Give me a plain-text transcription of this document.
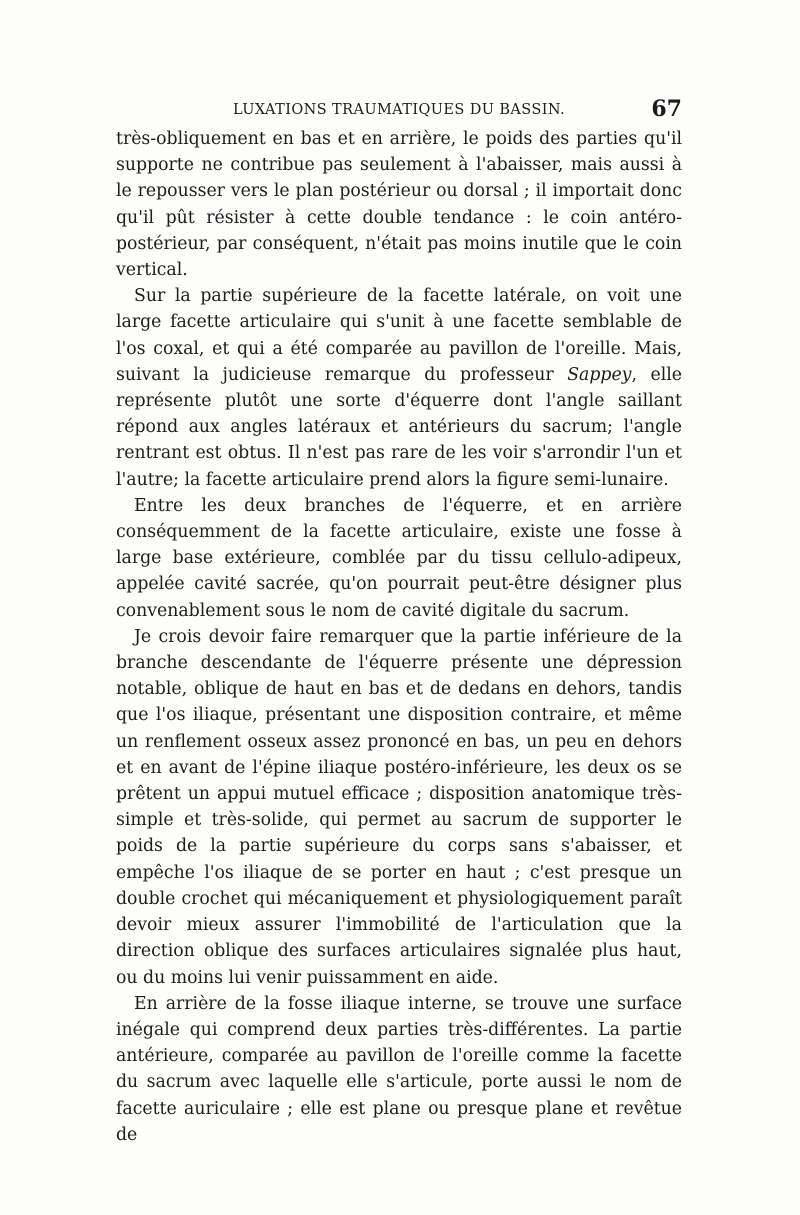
LUXATIONS TRAUMATIQUES DU BASSIN.	67

très-obliquement en bas et en arrière, le poids des parties qu'il supporte ne contribue pas seulement à l'abaisser, mais aussi à le repousser vers le plan postérieur ou dorsal ; il importait donc qu'il pût résister à cette double tendance : le coin antéro-postérieur, par conséquent, n'était pas moins inutile que le coin vertical.

Sur la partie supérieure de la facette latérale, on voit une large facette articulaire qui s'unit à une facette semblable de l'os coxal, et qui a été comparée au pavillon de l'oreille. Mais, suivant la judicieuse remarque du professeur Sappey, elle représente plutôt une sorte d'équerre dont l'angle saillant répond aux angles latéraux et antérieurs du sacrum; l'angle rentrant est obtus. Il n'est pas rare de les voir s'arrondir l'un et l'autre; la facette articulaire prend alors la figure semi-lunaire.

Entre les deux branches de l'équerre, et en arrière conséquemment de la facette articulaire, existe une fosse à large base extérieure, comblée par du tissu cellulo-adipeux, appelée cavité sacrée, qu'on pourrait peut-être désigner plus convenablement sous le nom de cavité digitale du sacrum.

Je crois devoir faire remarquer que la partie inférieure de la branche descendante de l'équerre présente une dépression notable, oblique de haut en bas et de dedans en dehors, tandis que l'os iliaque, présentant une disposition contraire, et même un renflement osseux assez prononcé en bas, un peu en dehors et en avant de l'épine iliaque postéro-inférieure, les deux os se prêtent un appui mutuel efficace ; disposition anatomique très-simple et très-solide, qui permet au sacrum de supporter le poids de la partie supérieure du corps sans s'abaisser, et empêche l'os iliaque de se porter en haut ; c'est presque un double crochet qui mécaniquement et physiologiquement paraît devoir mieux assurer l'immobilité de l'articulation que la direction oblique des surfaces articulaires signalée plus haut, ou du moins lui venir puissamment en aide.

En arrière de la fosse iliaque interne, se trouve une surface inégale qui comprend deux parties très-différentes. La partie antérieure, comparée au pavillon de l'oreille comme la facette du sacrum avec laquelle elle s'articule, porte aussi le nom de facette auriculaire ; elle est plane ou presque plane et revêtue de
